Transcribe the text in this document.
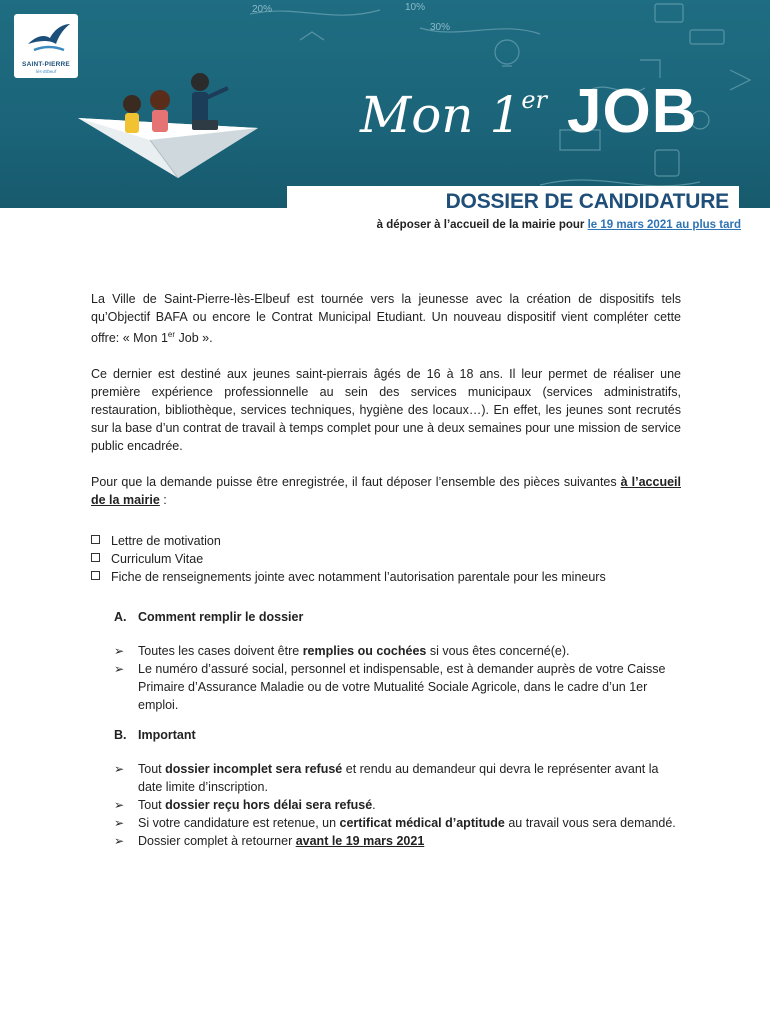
20%	10%
30%
SAINT-PIERRE
lès-Elbeuf
Mon 1er JOB
DOSSIER DE CANDIDATURE
à déposer à l’accueil de la mairie pour le 19 mars 2021 au plus tard

La Ville de Saint-Pierre-lès-Elbeuf est tournée vers la jeunesse avec la création de dispositifs tels qu’Objectif BAFA ou encore le Contrat Municipal Etudiant. Un nouveau dispositif vient compléter cette offre: « Mon 1er Job ».

Ce dernier est destiné aux jeunes saint-pierrais âgés de 16 à 18 ans. Il leur permet de réaliser une première expérience professionnelle au sein des services municipaux (services administratifs, restauration, bibliothèque, services techniques, hygiène des locaux…). En effet, les jeunes sont recrutés sur la base d’un contrat de travail à temps complet pour une à deux semaines pour une mission de service public encadrée.

Pour que la demande puisse être enregistrée, il faut déposer l’ensemble des pièces suivantes à l’accueil de la mairie :

Lettre de motivation
Curriculum Vitae
Fiche de renseignements jointe avec notamment l’autorisation parentale pour les mineurs

A. Comment remplir le dossier

➢ Toutes les cases doivent être remplies ou cochées si vous êtes concerné(e).
➢ Le numéro d’assuré social, personnel et indispensable, est à demander auprès de votre Caisse Primaire d’Assurance Maladie ou de votre Mutualité Sociale Agricole, dans le cadre d’un 1er emploi.

B. Important

➢ Tout dossier incomplet sera refusé et rendu au demandeur qui devra le représenter avant la date limite d’inscription.
➢ Tout dossier reçu hors délai sera refusé.
➢ Si votre candidature est retenue, un certificat médical d’aptitude au travail vous sera demandé.
➢ Dossier complet à retourner avant le 19 mars 2021
